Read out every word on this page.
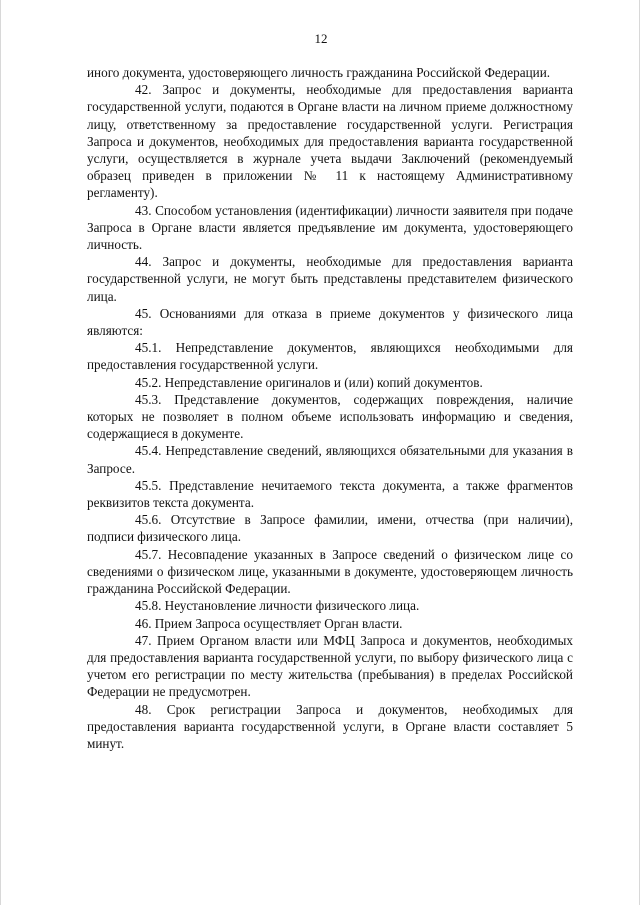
12

иного документа, удостоверяющего личность гражданина Российской Федерации.

42. Запрос и документы, необходимые для предоставления варианта государственной услуги, подаются в Органе власти на личном приеме должностному лицу, ответственному за предоставление государственной услуги. Регистрация Запроса и документов, необходимых для предоставления варианта государственной услуги, осуществляется в журнале учета выдачи Заключений (рекомендуемый образец приведен в приложении № 11 к настоящему Административному регламенту).

43. Способом установления (идентификации) личности заявителя при подаче Запроса в Органе власти является предъявление им документа, удостоверяющего личность.

44. Запрос и документы, необходимые для предоставления варианта государственной услуги, не могут быть представлены представителем физического лица.

45. Основаниями для отказа в приеме документов у физического лица являются:

45.1. Непредставление документов, являющихся необходимыми для предоставления государственной услуги.

45.2. Непредставление оригиналов и (или) копий документов.

45.3. Представление документов, содержащих повреждения, наличие которых не позволяет в полном объеме использовать информацию и сведения, содержащиеся в документе.

45.4. Непредставление сведений, являющихся обязательными для указания в Запросе.

45.5. Представление нечитаемого текста документа, а также фрагментов реквизитов текста документа.

45.6. Отсутствие в Запросе фамилии, имени, отчества (при наличии), подписи физического лица.

45.7. Несовпадение указанных в Запросе сведений о физическом лице со сведениями о физическом лице, указанными в документе, удостоверяющем личность гражданина Российской Федерации.

45.8. Неустановление личности физического лица.

46. Прием Запроса осуществляет Орган власти.

47. Прием Органом власти или МФЦ Запроса и документов, необходимых для предоставления варианта государственной услуги, по выбору физического лица с учетом его регистрации по месту жительства (пребывания) в пределах Российской Федерации не предусмотрен.

48. Срок регистрации Запроса и документов, необходимых для предоставления варианта государственной услуги, в Органе власти составляет 5 минут.
